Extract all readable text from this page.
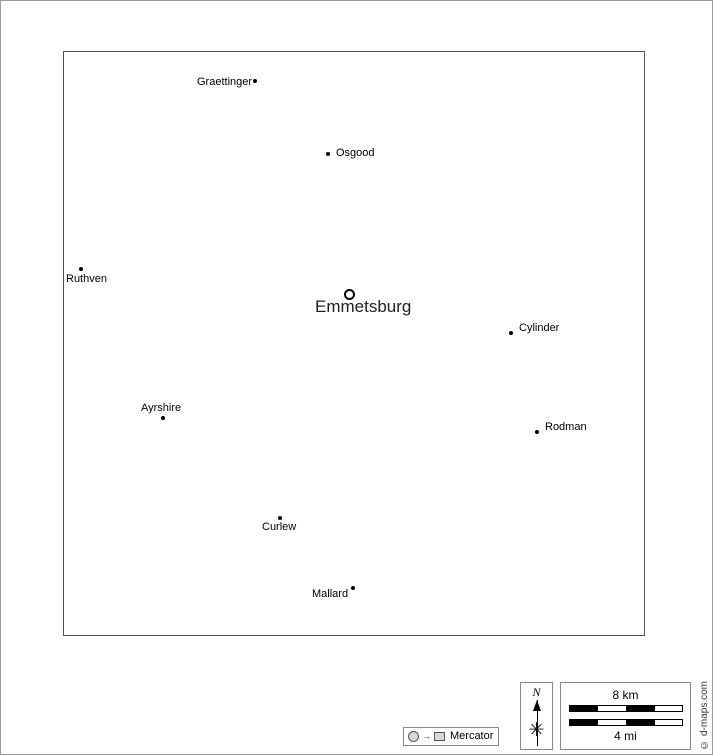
Emmetsburg
Graettinger
Osgood
Ruthven
Cylinder
Ayrshire
Rodman
Curlew
Mallard
→ Mercator
N
✳
8 km
4 mi	© d-maps.com
